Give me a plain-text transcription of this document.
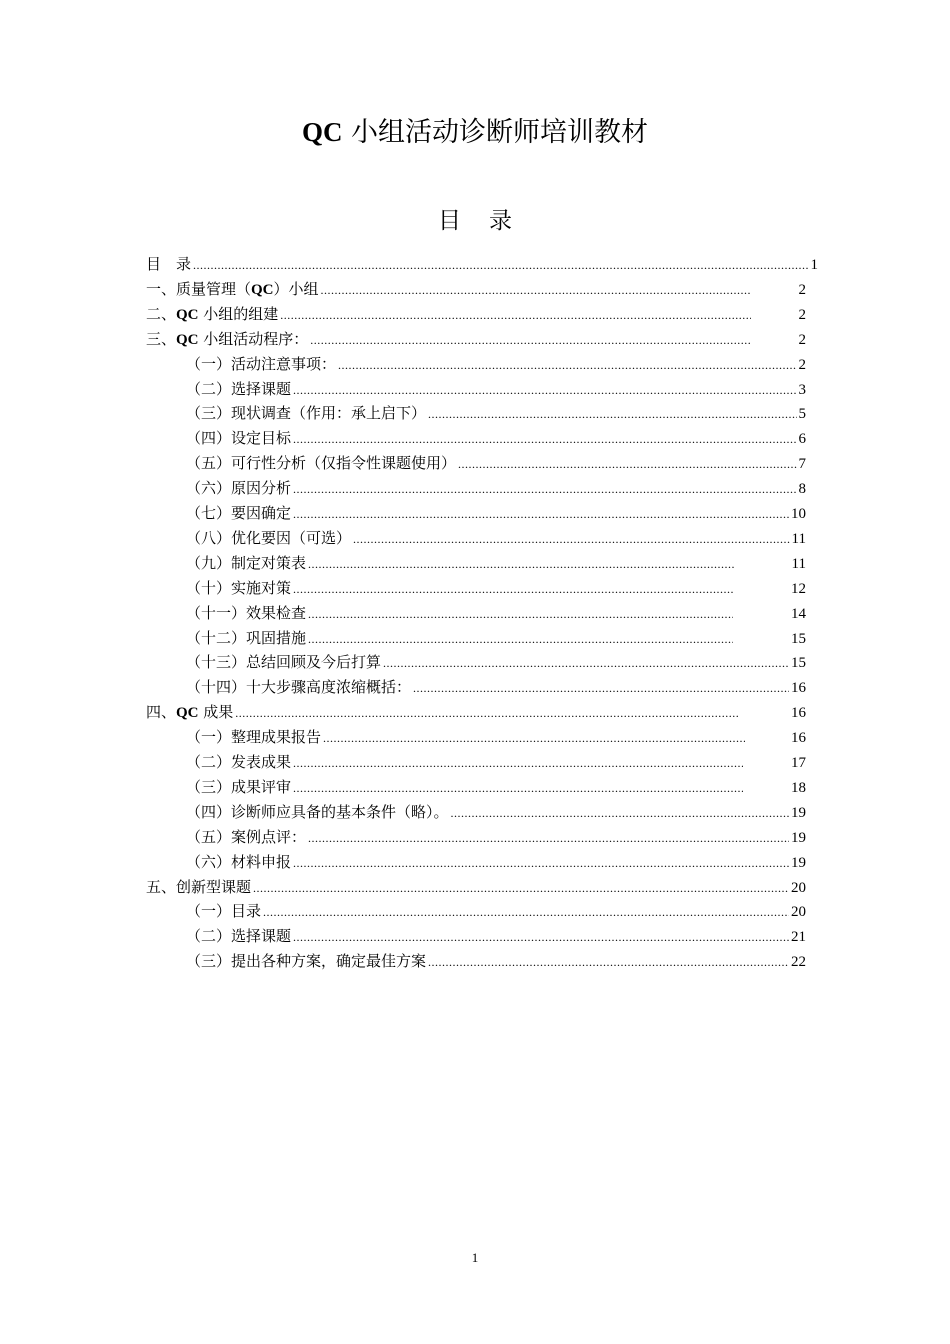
QC 小组活动诊断师培训教材
目录
目　录 .....	1
一、质量管理（QC）小组 .....	2
二、QC 小组的组建 .....	2
三、QC 小组活动程序： .....	2
（一）活动注意事项： .....	2
（二）选择课题 .....	3
（三）现状调查（作用：承上启下） .....	5
（四）设定目标 .....	6
（五）可行性分析（仅指令性课题使用） .....	7
（六）原因分析 .....	8
（七）要因确定 .....	10
（八）优化要因（可选） .....	11
（九）制定对策表 .....	11
（十）实施对策 .....	12
（十一）效果检查 .....	14
（十二）巩固措施 .....	15
（十三）总结回顾及今后打算 .....	15
（十四）十大步骤高度浓缩概括： .....	16
四、QC 成果 .....	16
（一）整理成果报告 .....	16
（二）发表成果 .....	17
（三）成果评审 .....	18
（四）诊断师应具备的基本条件（略）。 .....	19
（五）案例点评： .....	19
（六）材料申报 .....	19
五、创新型课题 .....	20
（一）目录 .....	20
（二）选择课题 .....	21
（三）提出各种方案，确定最佳方案 .....	22
1
